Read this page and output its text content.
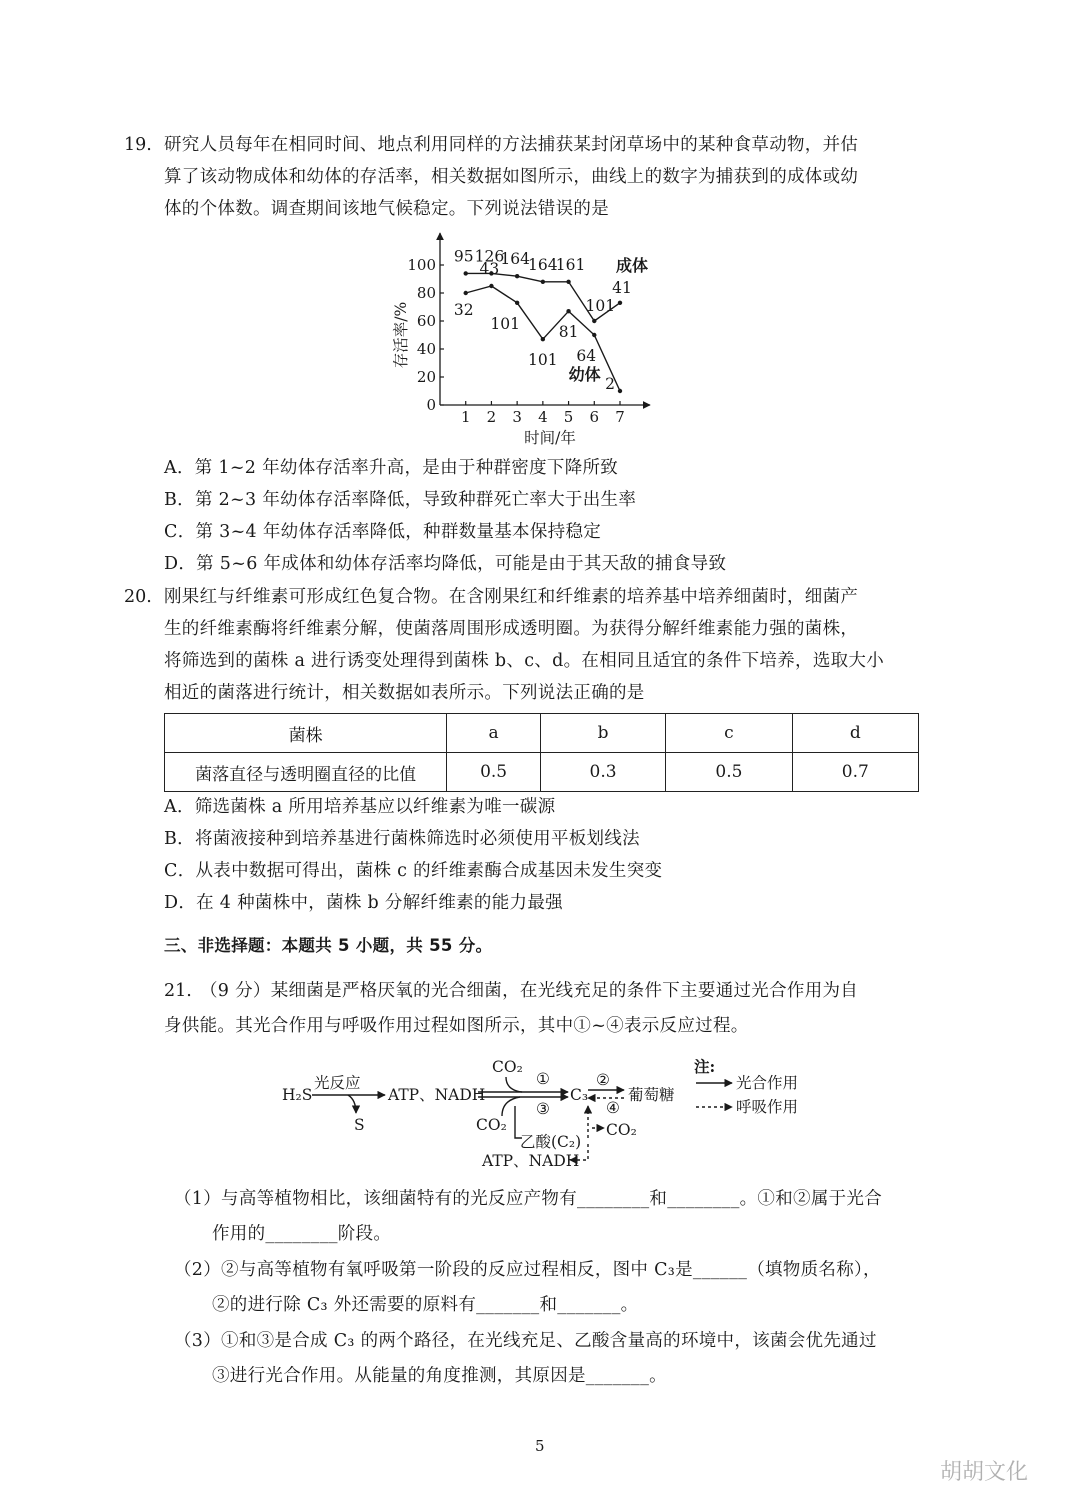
19. 研究人员每年在相同时间、地点利用同样的方法捕获某封闭草场中的某种食草动物，并估
算了该动物成体和幼体的存活率，相关数据如图所示，曲线上的数字为捕获到的成体或幼
体的个体数。调查期间该地气候稳定。下列说法错误的是
0
20
40
60
80
100
1 2 3 4 5 6 7
时间/年
存活率/%
95 126
164
164
161
101
41
32
43
101
101
81
64
2
成体
幼体
A．第 1~2 年幼体存活率升高，是由于种群密度下降所致
B．第 2~3 年幼体存活率降低，导致种群死亡率大于出生率
C．第 3~4 年幼体存活率降低，种群数量基本保持稳定
D．第 5~6 年成体和幼体存活率均降低，可能是由于其天敌的捕食导致
20. 刚果红与纤维素可形成红色复合物。在含刚果红和纤维素的培养基中培养细菌时，细菌产
生的纤维素酶将纤维素分解，使菌落周围形成透明圈。为获得分解纤维素能力强的菌株，
将筛选到的菌株 a 进行诱变处理得到菌株 b、c、d。在相同且适宜的条件下培养，选取大小
相近的菌落进行统计，相关数据如表所示。下列说法正确的是
菌株	a	b	c	d
菌落直径与透明圈直径的比值	0.5	0.3	0.5	0.7
A．筛选菌株 a 所用培养基应以纤维素为唯一碳源
B．将菌液接种到培养基进行菌株筛选时必须使用平板划线法
C．从表中数据可得出，菌株 c 的纤维素酶合成基因未发生突变
D．在 4 种菌株中，菌株 b 分解纤维素的能力最强
三、非选择题：本题共 5 小题，共 55 分。
21. （9 分）某细菌是严格厌氧的光合细菌，在光线充足的条件下主要通过光合作用为自
身供能。其光合作用与呼吸作用过程如图所示，其中①~④表示反应过程。
H₂S
光反应
S
ATP、NADH
CO₂
CO₂
C₃	葡萄糖
CO₂
乙酸(C₂)
ATP、NADH
①
③
②
④
注:
光合作用
呼吸作用
（1）与高等植物相比，该细菌特有的光反应产物有________和________。①和②属于光合
作用的________阶段。
（2）②与高等植物有氧呼吸第一阶段的反应过程相反，图中 C₃是______（填物质名称），
②的进行除 C₃ 外还需要的原料有_______和_______。
（3）①和③是合成 C₃ 的两个路径，在光线充足、乙酸含量高的环境中，该菌会优先通过
③进行光合作用。从能量的角度推测，其原因是_______。
5
胡胡文化
